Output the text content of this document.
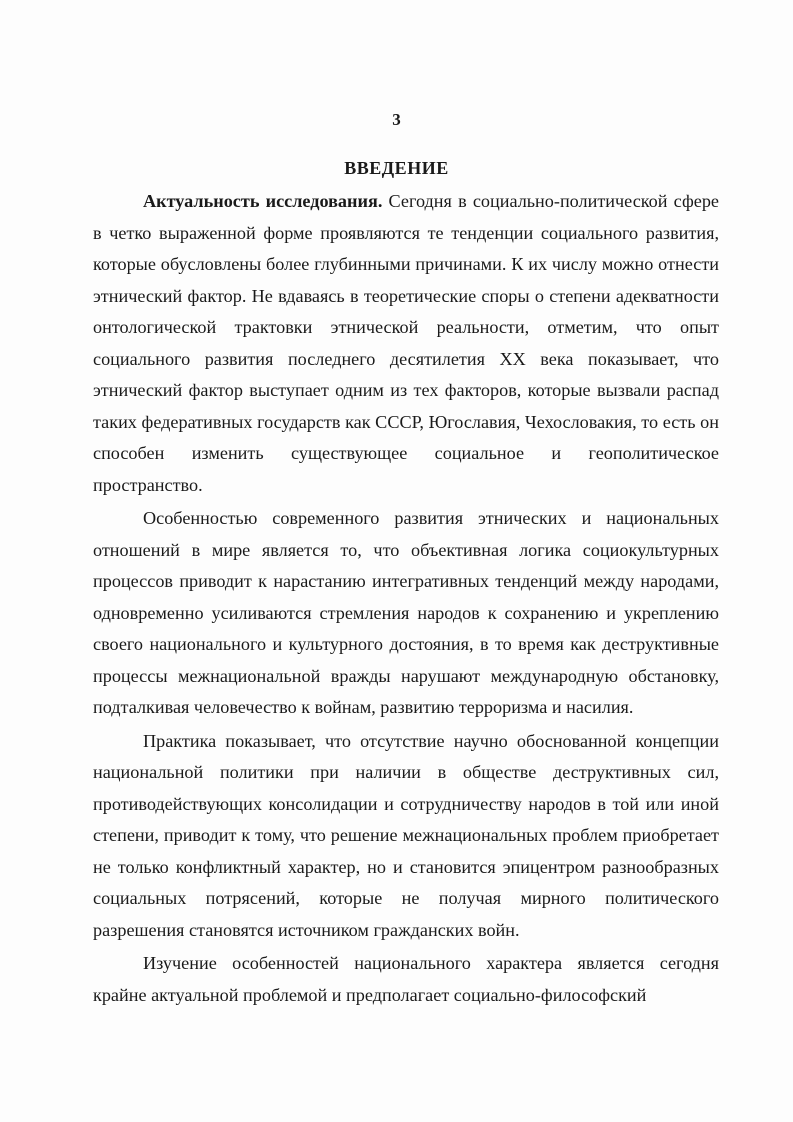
3
ВВЕДЕНИЕ

Актуальность исследования. Сегодня в социально-политической сфере в четко выраженной форме проявляются те тенденции социального развития, которые обусловлены более глубинными причинами. К их числу можно отнести этнический фактор. Не вдаваясь в теоретические споры о степени адекватности онтологической трактовки этнической реальности, отметим, что опыт социального развития последнего десятилетия XX века показывает, что этнический фактор выступает одним из тех факторов, которые вызвали распад таких федеративных государств как СССР, Югославия, Чехословакия, то есть он способен изменить существующее социальное и геополитическое пространство.

Особенностью современного развития этнических и национальных отношений в мире является то, что объективная логика социокультурных процессов приводит к нарастанию интегративных тенденций между народами, одновременно усиливаются стремления народов к сохранению и укреплению своего национального и культурного достояния, в то время как деструктивные процессы межнациональной вражды нарушают международную обстановку, подталкивая человечество к войнам, развитию терроризма и насилия.

Практика показывает, что отсутствие научно обоснованной концепции национальной политики при наличии в обществе деструктивных сил, противодействующих консолидации и сотрудничеству народов в той или иной степени, приводит к тому, что решение межнациональных проблем приобретает не только конфликтный характер, но и становится эпицентром разнообразных социальных потрясений, которые не получая мирного политического разрешения становятся источником гражданских войн.

Изучение особенностей национального характера является сегодня крайне актуальной проблемой и предполагает социально-философский
